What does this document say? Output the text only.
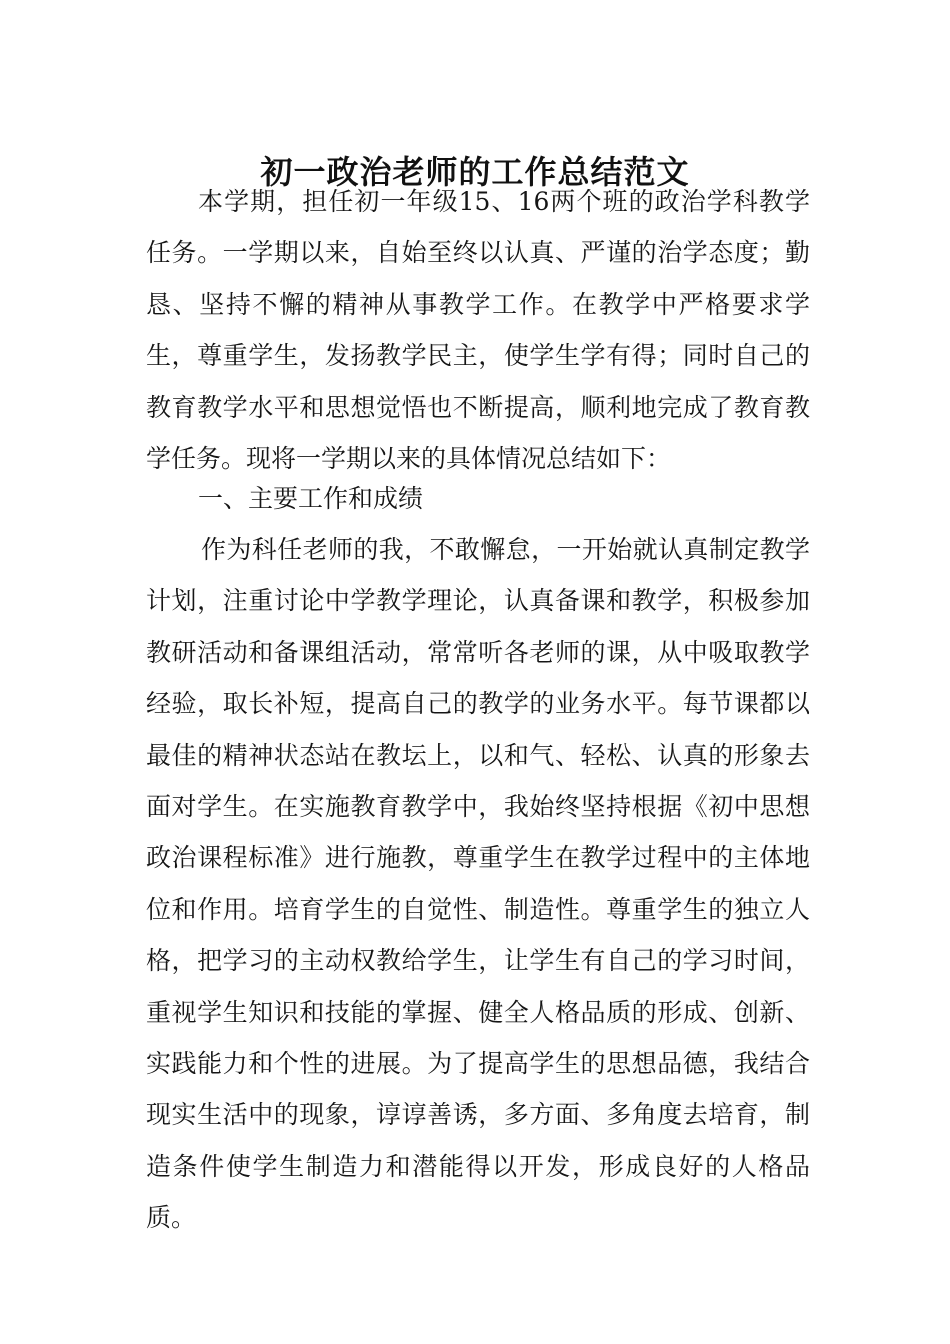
初一政治老师的工作总结范文

本学期，担任初一年级15、16两个班的政治学科教学任务。一学期以来，自始至终以认真、严谨的治学态度；勤恳、坚持不懈的精神从事教学工作。在教学中严格要求学生，尊重学生，发扬教学民主，使学生学有得；同时自己的教育教学水平和思想觉悟也不断提高，顺利地完成了教育教学任务。现将一学期以来的具体情况总结如下：

一、主要工作和成绩

作为科任老师的我，不敢懈怠，一开始就认真制定教学计划，注重讨论中学教学理论，认真备课和教学，积极参加教研活动和备课组活动，常常听各老师的课，从中吸取教学经验，取长补短，提高自己的教学的业务水平。每节课都以最佳的精神状态站在教坛上，以和气、轻松、认真的形象去面对学生。在实施教育教学中，我始终坚持根据《初中思想政治课程标准》进行施教，尊重学生在教学过程中的主体地位和作用。培育学生的自觉性、制造性。尊重学生的独立人格，把学习的主动权教给学生，让学生有自己的学习时间，重视学生知识和技能的掌握、健全人格品质的形成、创新、实践能力和个性的进展。为了提高学生的思想品德，我结合现实生活中的现象，谆谆善诱，多方面、多角度去培育，制造条件使学生制造力和潜能得以开发，形成良好的人格品质。
